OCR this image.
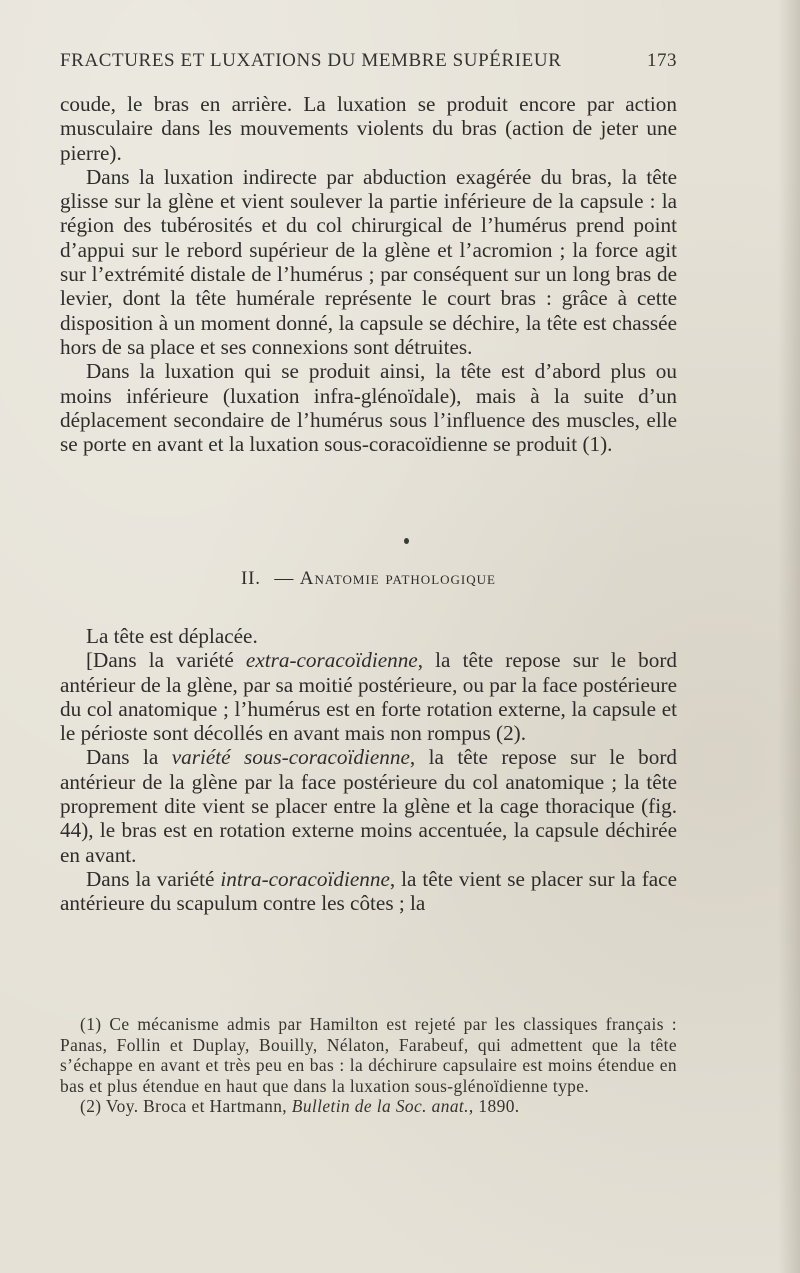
FRACTURES ET LUXATIONS DU MEMBRE SUPÉRIEUR	173

coude, le bras en arrière. La luxation se produit encore par action musculaire dans les mouvements violents du bras (action de jeter une pierre).

Dans la luxation indirecte par abduction exagérée du bras, la tête glisse sur la glène et vient soulever la partie inférieure de la capsule : la région des tubérosités et du col chirurgical de l’humérus prend point d’appui sur le rebord supérieur de la glène et l’acromion ; la force agit sur l’extrémité distale de l’humérus ; par conséquent sur un long bras de levier, dont la tête humérale représente le court bras : grâce à cette disposition à un moment donné, la capsule se déchire, la tête est chassée hors de sa place et ses connexions sont détruites.

Dans la luxation qui se produit ainsi, la tête est d’abord plus ou moins inférieure (luxation infra-glénoïdale), mais à la suite d’un déplacement secondaire de l’humérus sous l’influence des muscles, elle se porte en avant et la luxation sous-coracoïdienne se produit (1).

II. — Anatomie pathologique

La tête est déplacée.

[Dans la variété extra-coracoïdienne, la tête repose sur le bord antérieur de la glène, par sa moitié postérieure, ou par la face postérieure du col anatomique ; l’humérus est en forte rotation externe, la capsule et le périoste sont décollés en avant mais non rompus (2).

Dans la variété sous-coracoïdienne, la tête repose sur le bord antérieur de la glène par la face postérieure du col anatomique ; la tête proprement dite vient se placer entre la glène et la cage thoracique (fig. 44), le bras est en rotation externe moins accentuée, la capsule déchirée en avant.

Dans la variété intra-coracoïdienne, la tête vient se placer sur la face antérieure du scapulum contre les côtes ; la

(1) Ce mécanisme admis par Hamilton est rejeté par les classiques français : Panas, Follin et Duplay, Bouilly, Nélaton, Farabeuf, qui admettent que la tête s’échappe en avant et très peu en bas : la déchirure capsulaire est moins étendue en bas et plus étendue en haut que dans la luxation sous-glénoïdienne type.

(2) Voy. Broca et Hartmann, Bulletin de la Soc. anat., 1890.
